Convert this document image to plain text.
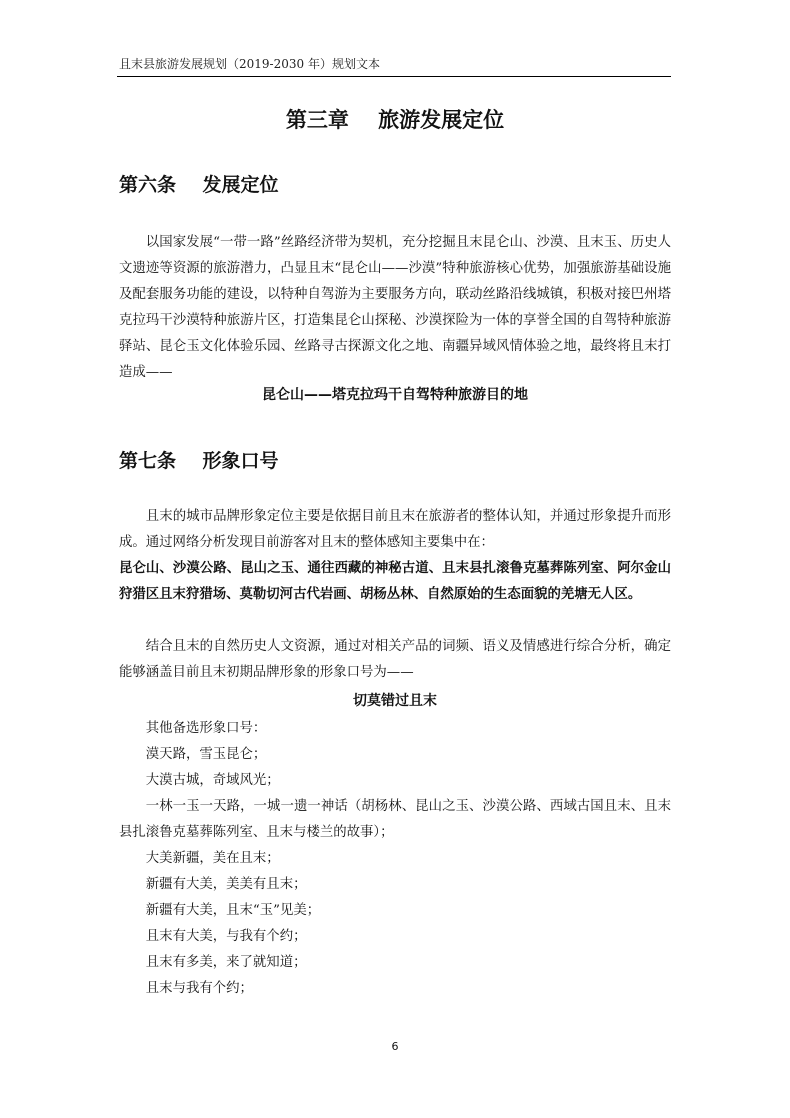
且末县旅游发展规划（2019-2030 年）规划文本
第三章    旅游发展定位
第六条    发展定位

以国家发展“一带一路”丝路经济带为契机，充分挖掘且末昆仑山、沙漠、且末玉、历史人文遗迹等资源的旅游潜力，凸显且末“昆仑山——沙漠”特种旅游核心优势，加强旅游基础设施及配套服务功能的建设，以特种自驾游为主要服务方向，联动丝路沿线城镇，积极对接巴州塔克拉玛干沙漠特种旅游片区，打造集昆仑山探秘、沙漠探险为一体的享誉全国的自驾特种旅游驿站、昆仑玉文化体验乐园、丝路寻古探源文化之地、南疆异域风情体验之地，最终将且末打造成——

昆仑山——塔克拉玛干自驾特种旅游目的地
第七条    形象口号

且末的城市品牌形象定位主要是依据目前且末在旅游者的整体认知，并通过形象提升而形成。通过网络分析发现目前游客对且末的整体感知主要集中在：

昆仑山、沙漠公路、昆山之玉、通往西藏的神秘古道、且末县扎滚鲁克墓葬陈列室、阿尔金山狩猎区且末狩猎场、莫勒切河古代岩画、胡杨丛林、自然原始的生态面貌的羌塘无人区。

结合且末的自然历史人文资源，通过对相关产品的词频、语义及情感进行综合分析，确定能够涵盖目前且末初期品牌形象的形象口号为——

切莫错过且末
其他备选形象口号：
漠天路，雪玉昆仑；
大漠古城，奇域风光；
一林一玉一天路，一城一遗一神话（胡杨林、昆山之玉、沙漠公路、西域古国且末、且末县扎滚鲁克墓葬陈列室、且末与楼兰的故事）；
大美新疆，美在且末；
新疆有大美，美美有且末；
新疆有大美，且末“玉”见美；
且末有大美，与我有个约；
且末有多美，来了就知道；
且末与我有个约；
6
